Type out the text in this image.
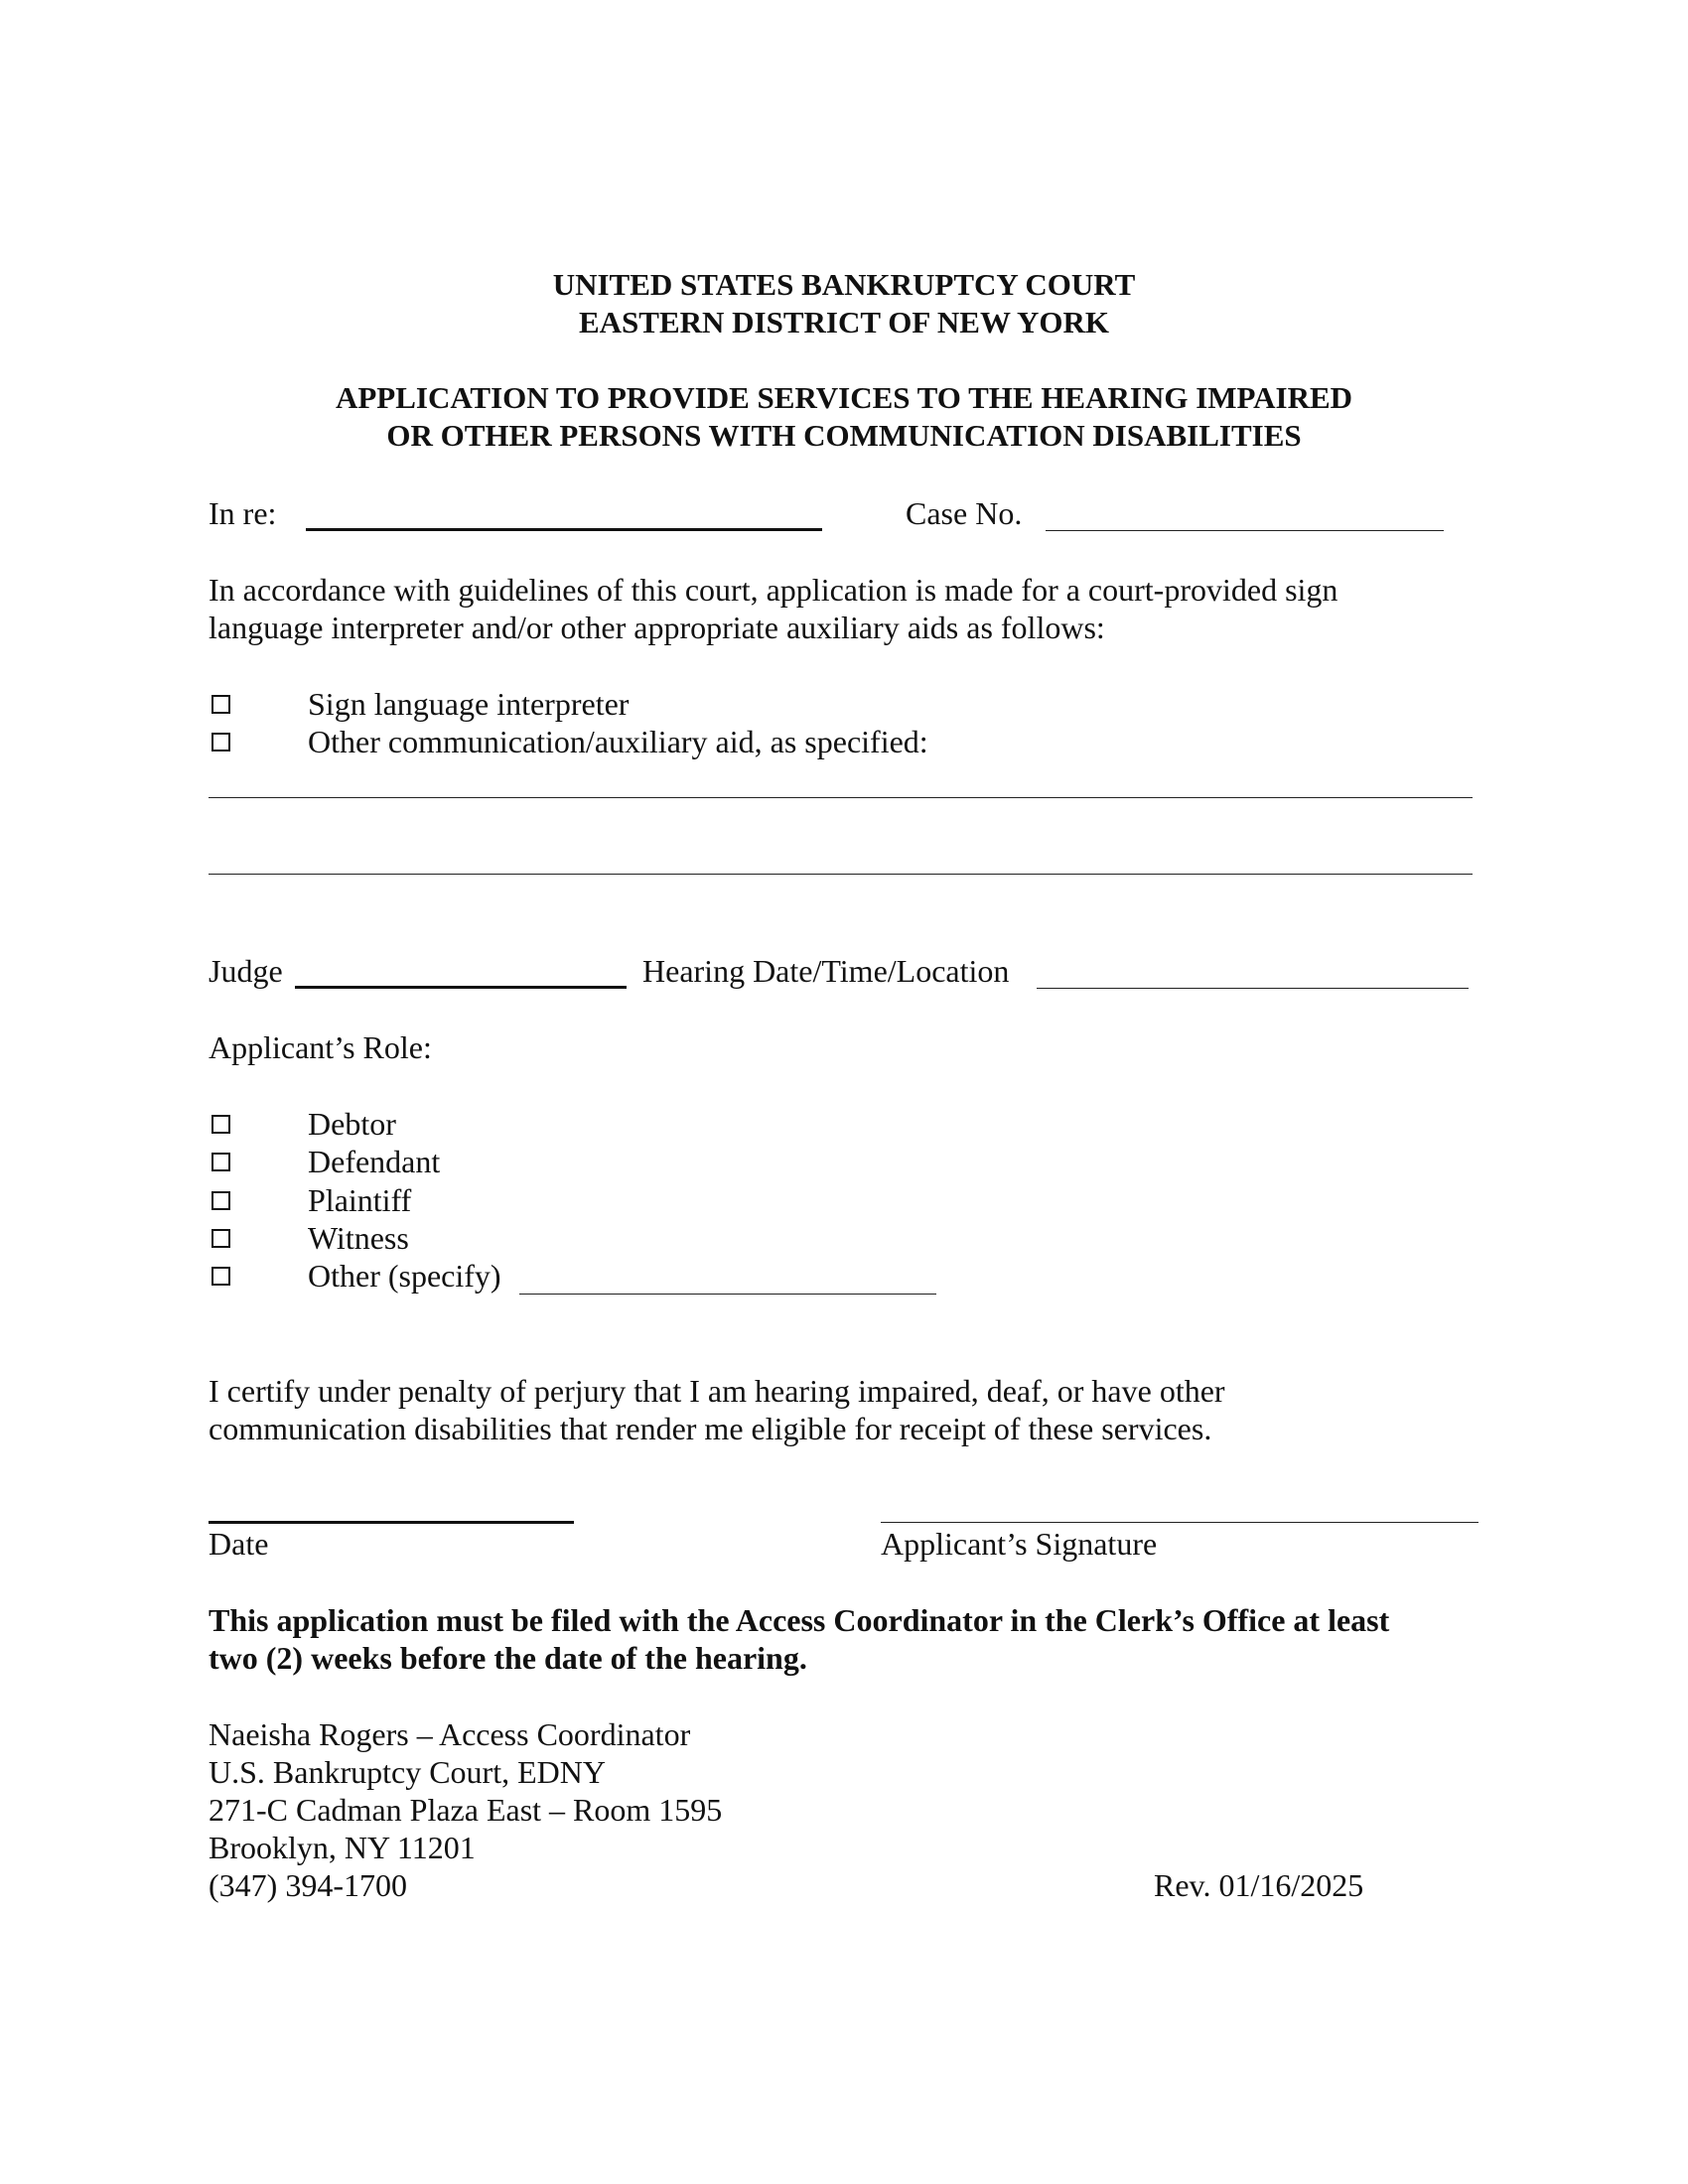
UNITED STATES BANKRUPTCY COURT
EASTERN DISTRICT OF NEW YORK
APPLICATION TO PROVIDE SERVICES TO THE HEARING IMPAIRED
OR OTHER PERSONS WITH COMMUNICATION DISABILITIES
In re:	Case No.
In accordance with guidelines of this court, application is made for a court-provided sign
language interpreter and/or other appropriate auxiliary aids as follows:
Sign language interpreter
Other communication/auxiliary aid, as specified:
Judge	Hearing Date/Time/Location
Applicant’s Role:
Debtor
Defendant
Plaintiff
Witness
Other (specify)
I certify under penalty of perjury that I am hearing impaired, deaf, or have other
communication disabilities that render me eligible for receipt of these services.
Date	Applicant’s Signature
This application must be filed with the Access Coordinator in the Clerk’s Office at least
two (2) weeks before the date of the hearing.
Naeisha Rogers – Access Coordinator
U.S. Bankruptcy Court, EDNY
271-C Cadman Plaza East – Room 1595
Brooklyn, NY 11201
(347) 394-1700	Rev. 01/16/2025
